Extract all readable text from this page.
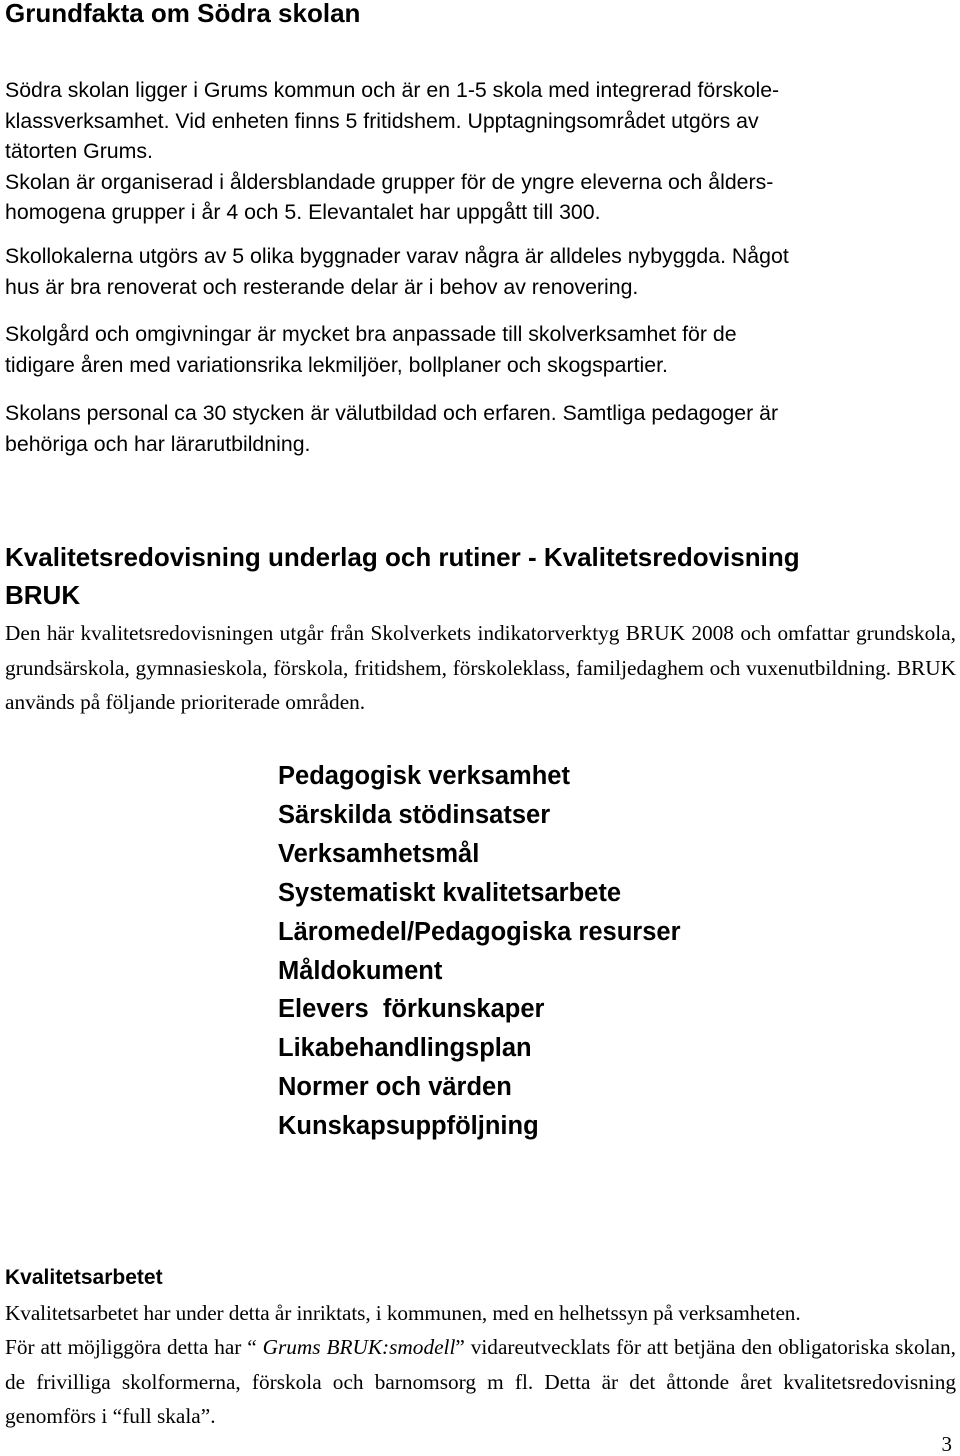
Grundfakta om Södra skolan
Södra skolan ligger i Grums kommun och är en 1-5 skola med integrerad förskole-
klassverksamhet. Vid enheten finns 5 fritidshem. Upptagningsområdet utgörs av
tätorten Grums.
Skolan är organiserad i åldersblandade grupper för de yngre eleverna och ålders-
homogena grupper i år 4 och 5. Elevantalet har uppgått till 300.
Skollokalerna utgörs av 5 olika byggnader varav några är alldeles nybyggda. Något
hus är bra renoverat och resterande delar är i behov av renovering.
Skolgård och omgivningar är mycket bra anpassade till skolverksamhet för de
tidigare åren med variationsrika lekmiljöer, bollplaner och skogspartier.
Skolans personal ca 30 stycken är välutbildad och erfaren. Samtliga pedagoger är
behöriga och har lärarutbildning.
Kvalitetsredovisning underlag och rutiner - Kvalitetsredovisning
BRUK

Den här kvalitetsredovisningen utgår från Skolverkets indikatorverktyg BRUK 2008 och omfattar grundskola, grundsärskola, gymnasieskola, förskola, fritidshem, förskoleklass, familjedaghem och vuxenutbildning. BRUK används på följande prioriterade områden.

Pedagogisk verksamhet
Särskilda stödinsatser
Verksamhetsmål
Systematiskt kvalitetsarbete
Läromedel/Pedagogiska resurser
Måldokument
Elevers  förkunskaper
Likabehandlingsplan
Normer och värden
Kunskapsuppföljning
Kvalitetsarbetet

Kvalitetsarbetet har under detta år inriktats, i kommunen, med en helhetssyn på verksamheten.

För att möjliggöra detta har “ Grums BRUK:smodell” vidareutvecklats för att betjäna den obligatoriska skolan, de frivilliga skolformerna, förskola och barnomsorg m fl. Detta är det åttonde året kvalitetsredovisning genomförs i “full skala”.

3
